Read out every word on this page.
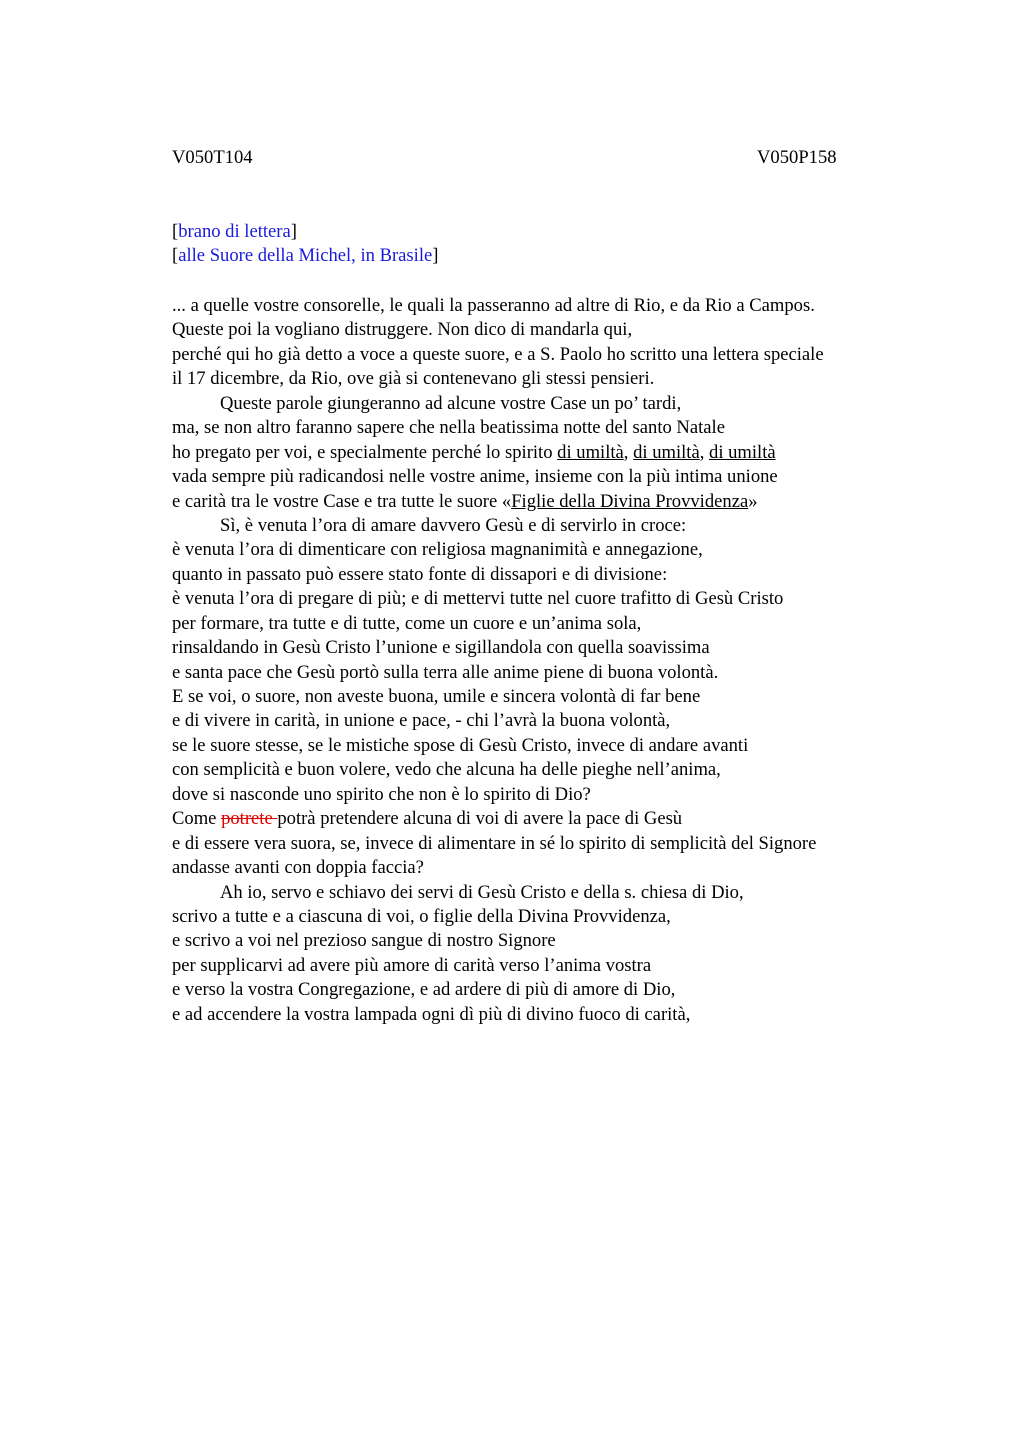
V050T104	V050P158
[brano di lettera]
[alle Suore della Michel, in Brasile]
... a quelle vostre consorelle, le quali la passeranno ad altre di Rio, e da Rio a Campos.
Queste poi la vogliano distruggere. Non dico di mandarla qui,
perché qui ho già detto a voce a queste suore, e a S. Paolo ho scritto una lettera speciale
il 17 dicembre, da Rio, ove già si contenevano gli stessi pensieri.
Queste parole giungeranno ad alcune vostre Case un po’ tardi,
ma, se non altro faranno sapere che nella beatissima notte del santo Natale
ho pregato per voi, e specialmente perché lo spirito di umiltà, di umiltà, di umiltà
vada sempre più radicandosi nelle vostre anime, insieme con la più intima unione
e carità tra le vostre Case e tra tutte le suore «Figlie della Divina Provvidenza»
Sì, è venuta l’ora di amare davvero Gesù e di servirlo in croce:
è venuta l’ora di dimenticare con religiosa magnanimità e annegazione,
quanto in passato può essere stato fonte di dissapori e di divisione:
è venuta l’ora di pregare di più; e di mettervi tutte nel cuore trafitto di Gesù Cristo
per formare, tra tutte e di tutte, come un cuore e un’anima sola,
rinsaldando in Gesù Cristo l’unione e sigillandola con quella soavissima
e santa pace che Gesù portò sulla terra alle anime piene di buona volontà.
E se voi, o suore, non aveste buona, umile e sincera volontà di far bene
e di vivere in carità, in unione e pace, - chi l’avrà la buona volontà,
se le suore stesse, se le mistiche spose di Gesù Cristo, invece di andare avanti
con semplicità e buon volere, vedo che alcuna ha delle pieghe nell’anima,
dove si nasconde uno spirito che non è lo spirito di Dio?
Come potrete potrà pretendere alcuna di voi di avere la pace di Gesù
e di essere vera suora, se, invece di alimentare in sé lo spirito di semplicità del Signore
andasse avanti con doppia faccia?
Ah io, servo e schiavo dei servi di Gesù Cristo e della s. chiesa di Dio,
scrivo a tutte e a ciascuna di voi, o figlie della Divina Provvidenza,
e scrivo a voi nel prezioso sangue di nostro Signore
per supplicarvi ad avere più amore di carità verso l’anima vostra
e verso la vostra Congregazione, e ad ardere di più di amore di Dio,
e ad accendere la vostra lampada ogni dì più di divino fuoco di carità,
